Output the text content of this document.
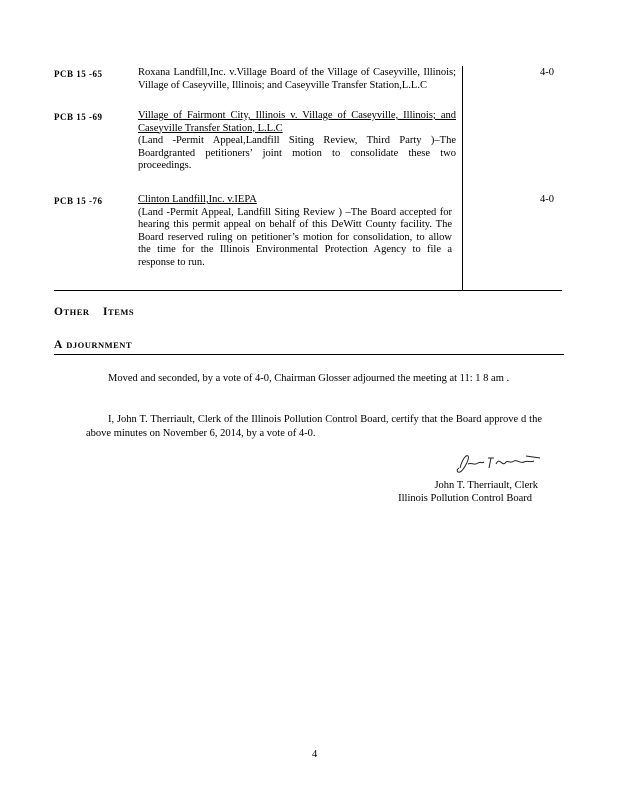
PCB 15 -65	Roxana Landfill,Inc. v.Village Board of the Village of Caseyville, Illinois; Village of Caseyville, Illinois; and Caseyville Transfer Station,L.L.C
4-0
PCB 15 -69	Village of Fairmont City, Illinois v. Village of Caseyville, Illinois; and Caseyville Transfer Station, L.L.C
(Land -Permit Appeal,Landfill Siting Review, Third Party )–The Boardgranted petitioners’ joint motion to consolidate these two proceedings.
PCB 15 -76	Clinton Landfill,Inc. v.IEPA
(Land -Permit Appeal, Landfill Siting Review ) –The Board accepted for hearing this permit appeal on behalf of this DeWitt County facility. The Board reserved ruling on petitioner’s motion for consolidation, to allow the time for the Illinois Environmental Protection Agency to file a response to run.
4-0
OTHER ITEMS
A DJOURNMENT
Moved and seconded, by a vote of 4-0, Chairman Glosser adjourned the meeting at 11: 1 8 am .
I, John T. Therriault, Clerk of the Illinois Pollution Control Board, certify that the Board approve d the above minutes on November 6, 2014, by a vote of 4-0.
John T. Therriault, Clerk
Illinois Pollution Control Board
4
